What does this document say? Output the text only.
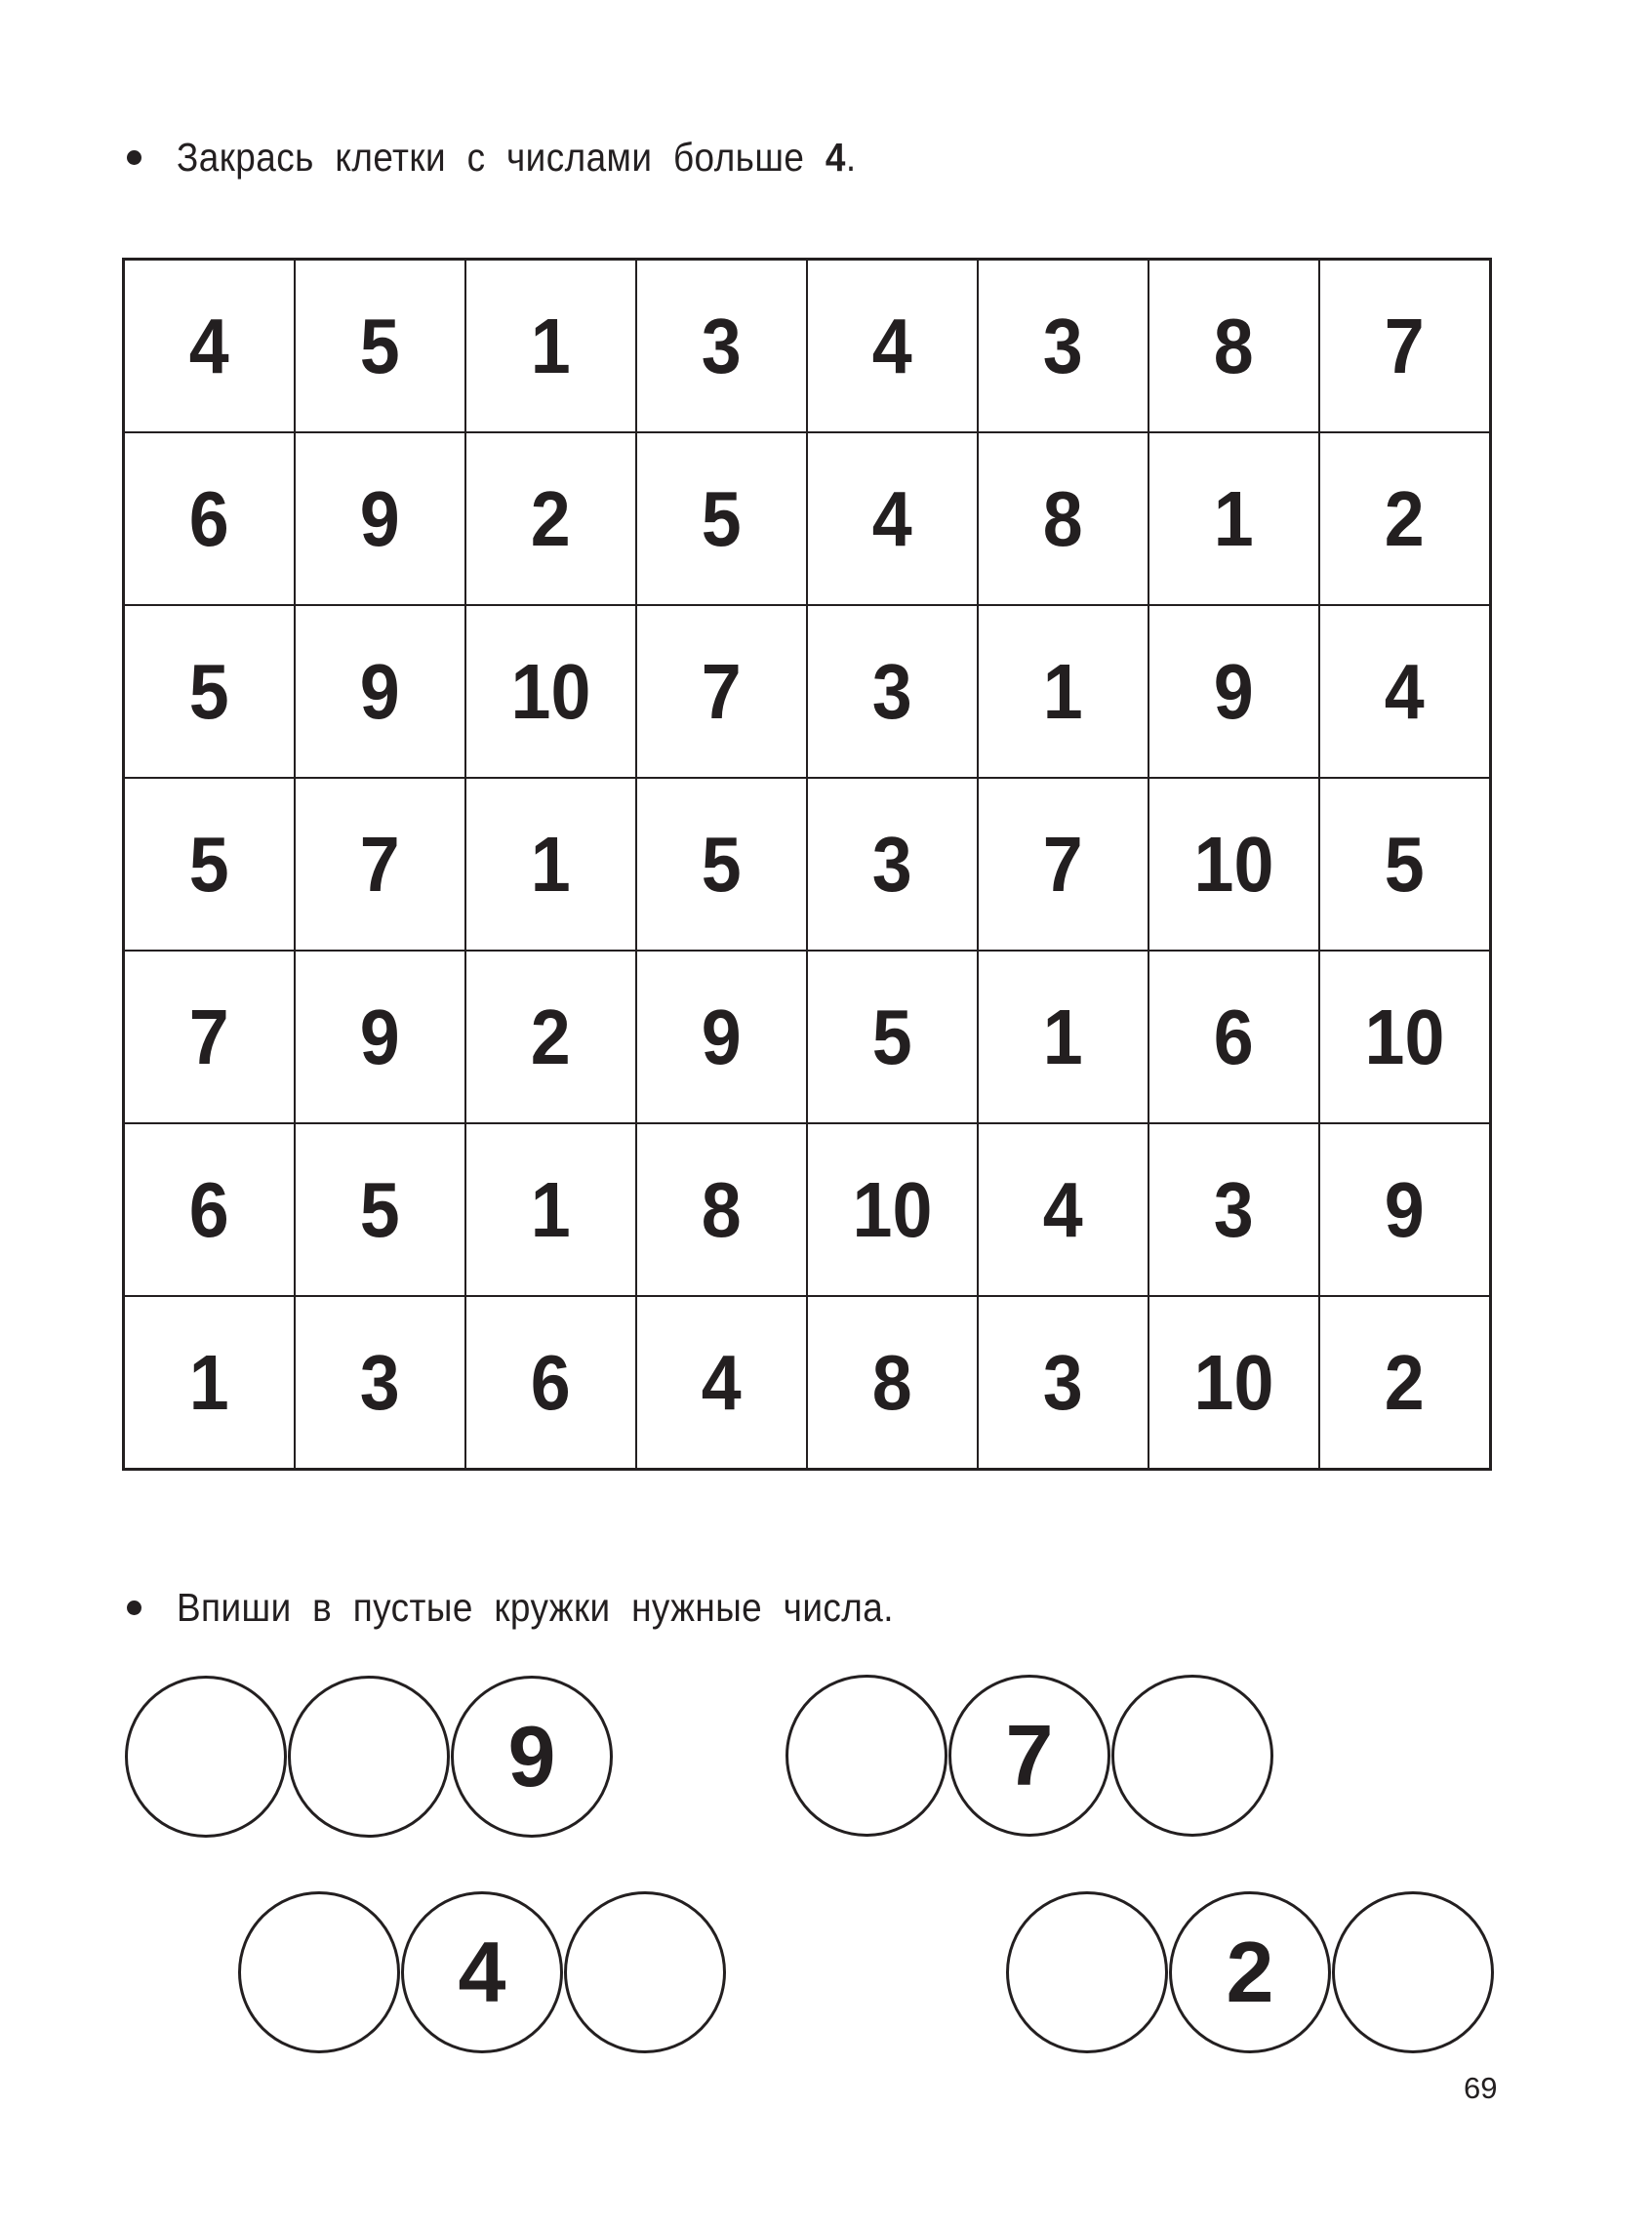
Закрась клетки с числами больше 4.
4	5	1	3	4	3	8	7
6	9	2	5	4	8	1	2
5	9	10	7	3	1	9	4
5	7	1	5	3	7	10	5
7	9	2	9	5	1	6	10
6	5	1	8	10	4	3	9
1	3	6	4	8	3	10	2
Впиши в пустые кружки нужные числа.
9	7
4	2
69
